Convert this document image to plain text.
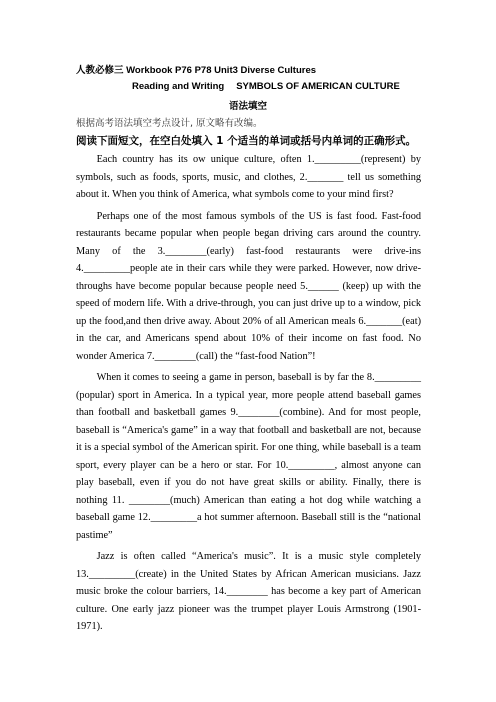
人教必修三 Workbook P76 P78 Unit3 Diverse Cultures
Reading and Writing SYMBOLS OF AMERICAN CULTURE
语法填空
根据高考语法填空考点设计, 原文略有改编。
阅读下面短文，在空白处填入 1 个适当的单词或括号内单词的正确形式。

Each country has its ow unique culture, often 1._________(represent) by symbols, such as foods, sports, music, and clothes, 2._______ tell us something about it. When you think of America, what symbols come to your mind first?

Perhaps one of the most famous symbols of the US is fast food. Fast-food restaurants became popular when people began driving cars around the country. Many of the 3.________(early) fast-food restaurants were drive-ins 4._________people ate in their cars while they were parked. However, now drive-throughs have become popular because people need 5.______ (keep) up with the speed of modern life. With a drive-through, you can just drive up to a window, pick up the food,and then drive away. About 20% of all American meals 6._______(eat) in the car, and Americans spend about 10% of their income on fast food. No wonder America 7.________(call) the “fast-food Nation”!

When it comes to seeing a game in person, baseball is by far the 8._________ (popular) sport in America. In a typical year, more people attend baseball games than football and basketball games 9.________(combine). And for most people, baseball is “America's game” in a way that football and basketball are not, because it is a special symbol of the American spirit. For one thing, while baseball is a team sport, every player can be a hero or star. For 10._________, almost anyone can play baseball, even if you do not have great skills or ability. Finally, there is nothing 11. ________(much) American than eating a hot dog while watching a baseball game 12._________a hot summer afternoon. Baseball still is the “national pastime”

Jazz is often called “America's music”. It is a music style completely 13._________(create) in the United States by African American musicians. Jazz music broke the colour barriers, 14.________ has become a key part of American culture. One early jazz pioneer was the trumpet player Louis Armstrong (1901-1971).
